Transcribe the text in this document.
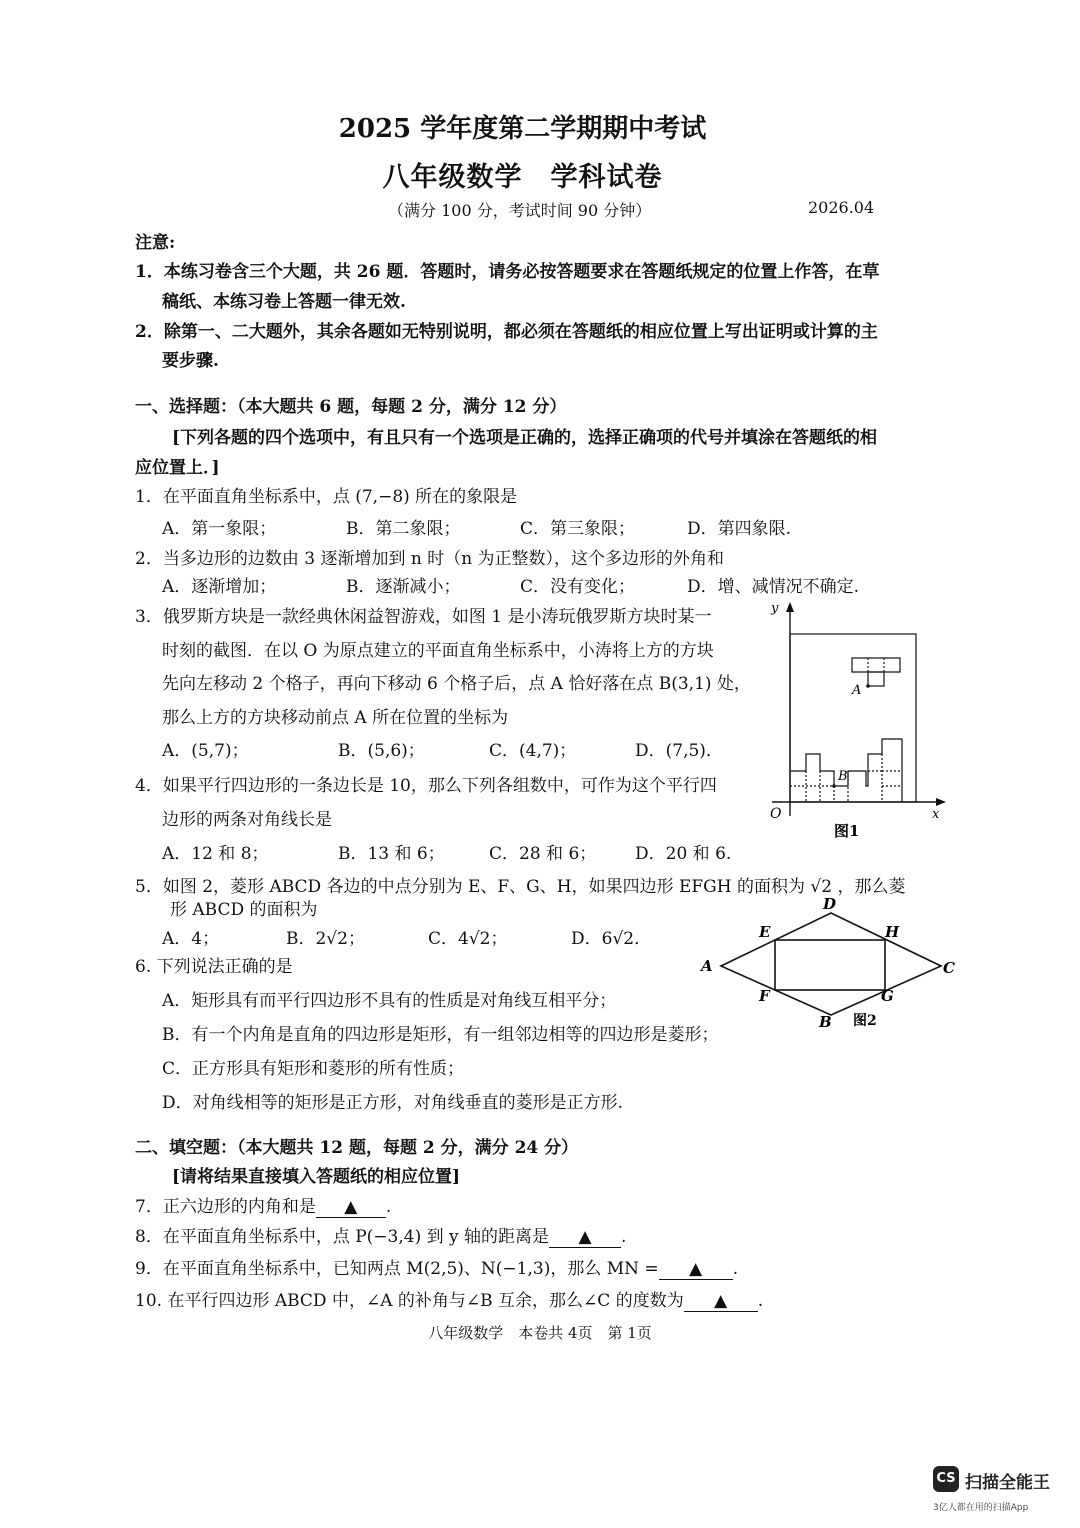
2025 学年度第二学期期中考试
八年级数学　学科试卷
（满分 100 分，考试时间 90 分钟）	2026.04
注意:
1．本练习卷含三个大题，共 26 题．答题时，请务必按答题要求在答题纸规定的位置上作答，在草
稿纸、本练习卷上答题一律无效.
2．除第一、二大题外，其余各题如无特别说明，都必须在答题纸的相应位置上写出证明或计算的主
要步骤.
一、选择题：（本大题共 6 题，每题 2 分，满分 12 分）
[下列各题的四个选项中，有且只有一个选项是正确的，选择正确项的代号并填涂在答题纸的相
应位置上．]
1．在平面直角坐标系中，点 (7,−8) 所在的象限是
A．第一象限；	B．第二象限；	C．第三象限；	D．第四象限.
2．当多边形的边数由 3 逐渐增加到 n 时（n 为正整数），这个多边形的外角和
A．逐渐增加；	B．逐渐减小；	C．没有变化；	D．增、减情况不确定.
3．俄罗斯方块是一款经典休闲益智游戏，如图 1 是小涛玩俄罗斯方块时某一
时刻的截图．在以 O 为原点建立的平面直角坐标系中，小涛将上方的方块
先向左移动 2 个格子，再向下移动 6 个格子后，点 A 恰好落在点 B(3,1) 处，
那么上方的方块移动前点 A 所在位置的坐标为
A．(5,7)；	B．(5,6)；	C．(4,7)；	D．(7,5)．
y
x
O
A
B
图1
4．如果平行四边形的一条边长是 10，那么下列各组数中，可作为这个平行四
边形的两条对角线长是
A．12 和 8；	B．13 和 6；	C．28 和 6； D．20 和 6.
5．如图 2，菱形 ABCD 各边的中点分别为 E、F、G、H，如果四边形 EFGH 的面积为 √2 ，那么菱
形 ABCD 的面积为
A．4；	B．2√2；	C．4√2；	D．6√2．
A
D
C
B
E	H
F	G
图2
6. 下列说法正确的是
A．矩形具有而平行四边形不具有的性质是对角线互相平分；
B．有一个内角是直角的四边形是矩形，有一组邻边相等的四边形是菱形；
C．正方形具有矩形和菱形的所有性质；
D．对角线相等的矩形是正方形，对角线垂直的菱形是正方形.
二、填空题：（本大题共 12 题，每题 2 分，满分 24 分）
[请将结果直接填入答题纸的相应位置]
7．正六边形的内角和是 ▲ .
8．在平面直角坐标系中，点 P(−3,4) 到 y 轴的距离是 ▲ .
9．在平面直角坐标系中，已知两点 M(2,5)、N(−1,3)，那么 MN = ▲ .
10. 在平行四边形 ABCD 中，∠A 的补角与∠B 互余，那么∠C 的度数为 ▲ .
八年级数学　本卷共 4页　第 1页
CS 扫描全能王
3亿人都在用的扫描App
